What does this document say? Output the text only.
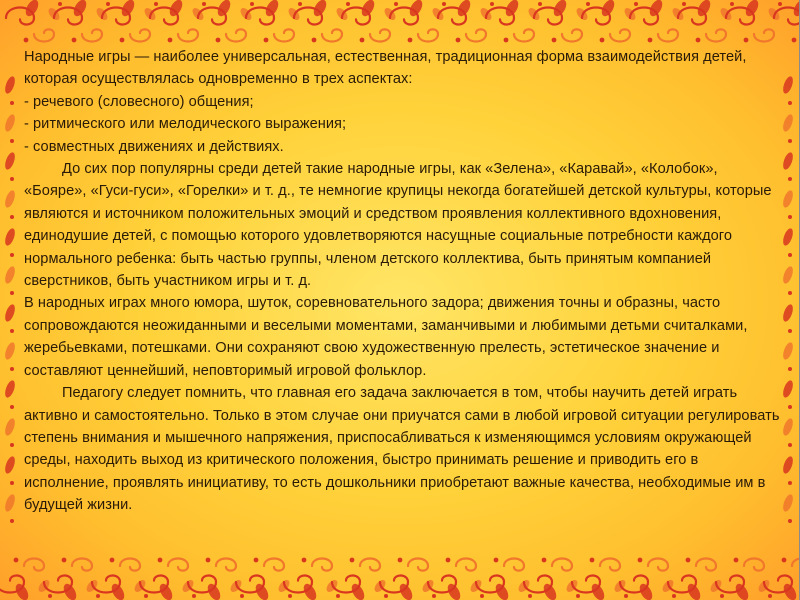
Народные игры — наиболее универсальная, естественная, традиционная форма взаимодействия детей, которая осуществлялась одновременно в трех аспектах:

- речевого (словесного) общения;

- ритмического или мелодического выражения;

- совместных движениях и действиях.

До сих пор популярны среди детей такие народные игры, как «Зелена», «Каравай», «Колобок», «Бояре», «Гуси-гуси», «Горелки» и т. д., те немногие крупицы некогда богатейшей детской культуры, которые являются и источником положительных эмоций и средством проявления коллективного вдохновения, единодушие детей, с помощью которого удовлетворяются насущные социальные потребности каждого нормального ребенка: быть частью группы, членом детского коллектива, быть принятым компанией сверстников, быть участником игры и т. д.

В народных играх много юмора, шуток, соревновательного задора; движения точны и образны, часто сопровождаются неожиданными и веселыми моментами, заманчивыми и любимыми детьми считалками, жеребьевками, потешками. Они сохраняют свою художественную прелесть, эстетическое значение и составляют ценнейший, неповторимый игровой фольклор.

Педагогу следует помнить, что главная его задача заключается в том, чтобы научить детей играть активно и самостоятельно. Только в этом случае они приучатся сами в любой игровой ситуации регулировать степень внимания и мышечного напряжения, приспосабливаться к изменяющимся условиям окружающей среды, находить выход из критического положения, быстро принимать решение и приводить его в исполнение, проявлять инициативу, то есть дошкольники приобретают важные качества, необходимые им в будущей жизни.
